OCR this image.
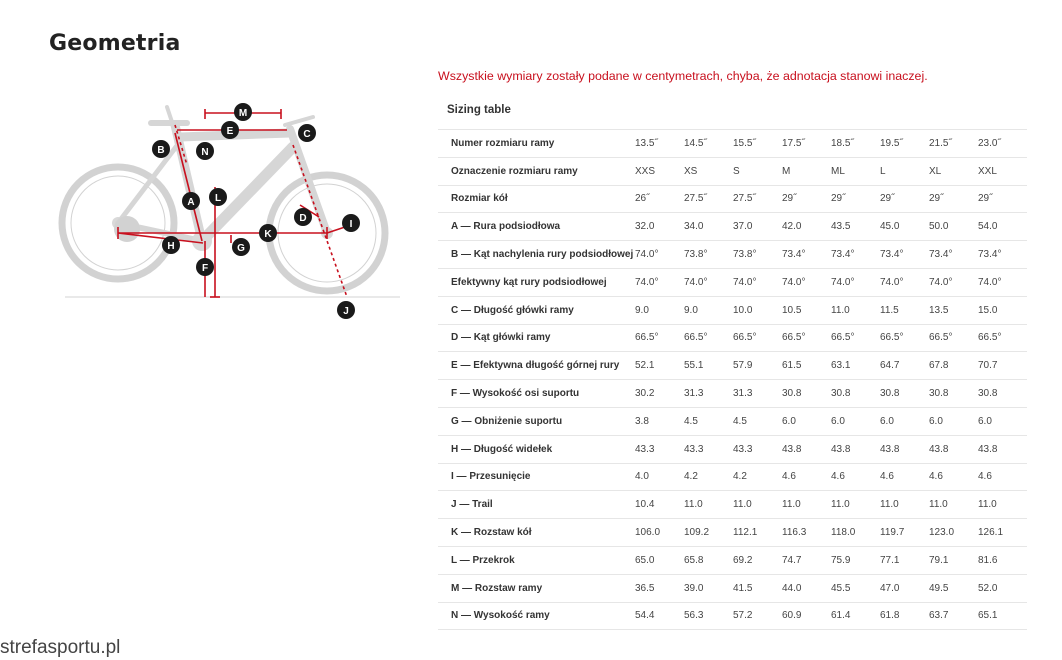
Geometria
M
E	C
B	N
A L
D
I
K
H	G
F
J
Wszystkie wymiary zostały podane w centymetrach, chyba, że adnotacja stanowi inaczej.
Sizing table
Numer rozmiaru ramy	13.5˝	14.5˝	15.5˝	17.5˝	18.5˝	19.5˝	21.5˝	23.0˝
Oznaczenie rozmiaru ramy	XXS	XS	S	M	ML	L	XL	XXL
Rozmiar kół	26˝	27.5˝	27.5˝	29˝	29˝	29˝	29˝	29˝
A — Rura podsiodłowa	32.0	34.0	37.0	42.0	43.5	45.0	50.0	54.0
B — Kąt nachylenia rury podsiodłowej	74.0°	73.8°	73.8°	73.4°	73.4°	73.4°	73.4°	73.4°
Efektywny kąt rury podsiodłowej	74.0°	74.0°	74.0°	74.0°	74.0°	74.0°	74.0°	74.0°
C — Długość główki ramy	9.0	9.0	10.0	10.5	11.0	11.5	13.5	15.0
D — Kąt główki ramy	66.5°	66.5°	66.5°	66.5°	66.5°	66.5°	66.5°	66.5°
E — Efektywna długość górnej rury	52.1	55.1	57.9	61.5	63.1	64.7	67.8	70.7
F — Wysokość osi suportu	30.2	31.3	31.3	30.8	30.8	30.8	30.8	30.8
G — Obniżenie suportu	3.8	4.5	4.5	6.0	6.0	6.0	6.0	6.0
H — Długość widełek	43.3	43.3	43.3	43.8	43.8	43.8	43.8	43.8
I — Przesunięcie	4.0	4.2	4.2	4.6	4.6	4.6	4.6	4.6
J — Trail	10.4	11.0	11.0	11.0	11.0	11.0	11.0	11.0
K — Rozstaw kół	106.0	109.2	112.1	116.3	118.0	119.7	123.0	126.1
L — Przekrok	65.0	65.8	69.2	74.7	75.9	77.1	79.1	81.6
M — Rozstaw ramy	36.5	39.0	41.5	44.0	45.5	47.0	49.5	52.0
N — Wysokość ramy	54.4	56.3	57.2	60.9	61.4	61.8	63.7	65.1
strefasportu.pl
